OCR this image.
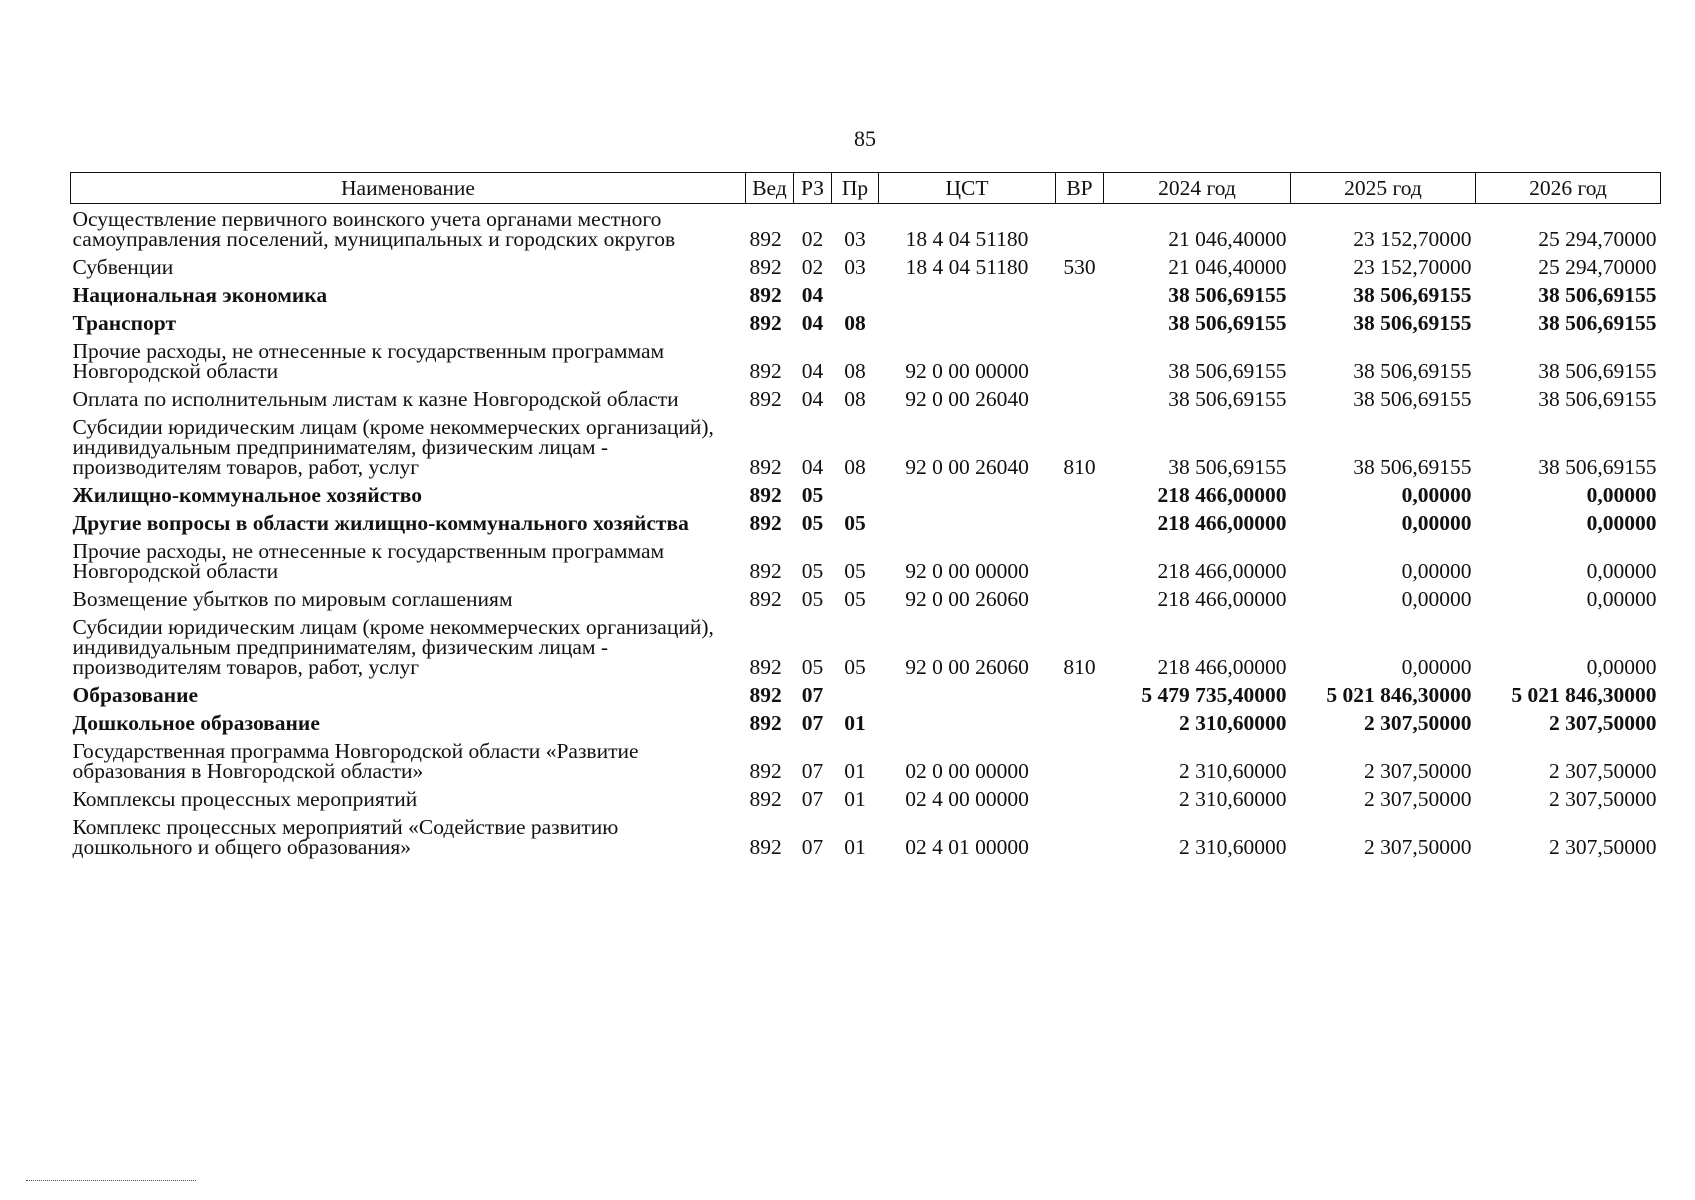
85
Наименование	Вед	РЗ	Пр	ЦСТ	ВР	2024 год	2025 год	2026 год
Осуществление первичного воинского учета органами местного самоуправления поселений, муниципальных и городских округов	892	02	03	18 4 04 51180		21 046,40000	23 152,70000	25 294,70000
Субвенции	892	02	03	18 4 04 51180	530	21 046,40000	23 152,70000	25 294,70000
Национальная экономика	892	04				38 506,69155	38 506,69155	38 506,69155
Транспорт	892	04	08			38 506,69155	38 506,69155	38 506,69155
Прочие расходы, не отнесенные к государственным программам Новгородской области	892	04	08	92 0 00 00000		38 506,69155	38 506,69155	38 506,69155
Оплата по исполнительным листам к казне Новгородской области	892	04	08	92 0 00 26040		38 506,69155	38 506,69155	38 506,69155
Субсидии юридическим лицам (кроме некоммерческих организаций), индивидуальным предпринимателям, физическим лицам - производителям товаров, работ, услуг	892	04	08	92 0 00 26040	810	38 506,69155	38 506,69155	38 506,69155
Жилищно-коммунальное хозяйство	892	05				218 466,00000	0,00000	0,00000
Другие вопросы в области жилищно-коммунального хозяйства	892	05	05			218 466,00000	0,00000	0,00000
Прочие расходы, не отнесенные к государственным программам Новгородской области	892	05	05	92 0 00 00000		218 466,00000	0,00000	0,00000
Возмещение убытков по мировым соглашениям	892	05	05	92 0 00 26060		218 466,00000	0,00000	0,00000
Субсидии юридическим лицам (кроме некоммерческих организаций), индивидуальным предпринимателям, физическим лицам - производителям товаров, работ, услуг	892	05	05	92 0 00 26060	810	218 466,00000	0,00000	0,00000
Образование	892	07				5 479 735,40000	5 021 846,30000	5 021 846,30000
Дошкольное образование	892	07	01			2 310,60000	2 307,50000	2 307,50000
Государственная программа Новгородской области «Развитие образования в Новгородской области»	892	07	01	02 0 00 00000		2 310,60000	2 307,50000	2 307,50000
Комплексы процессных мероприятий	892	07	01	02 4 00 00000		2 310,60000	2 307,50000	2 307,50000
Комплекс процессных мероприятий «Содействие развитию дошкольного и общего образования»	892	07	01	02 4 01 00000		2 310,60000	2 307,50000	2 307,50000
